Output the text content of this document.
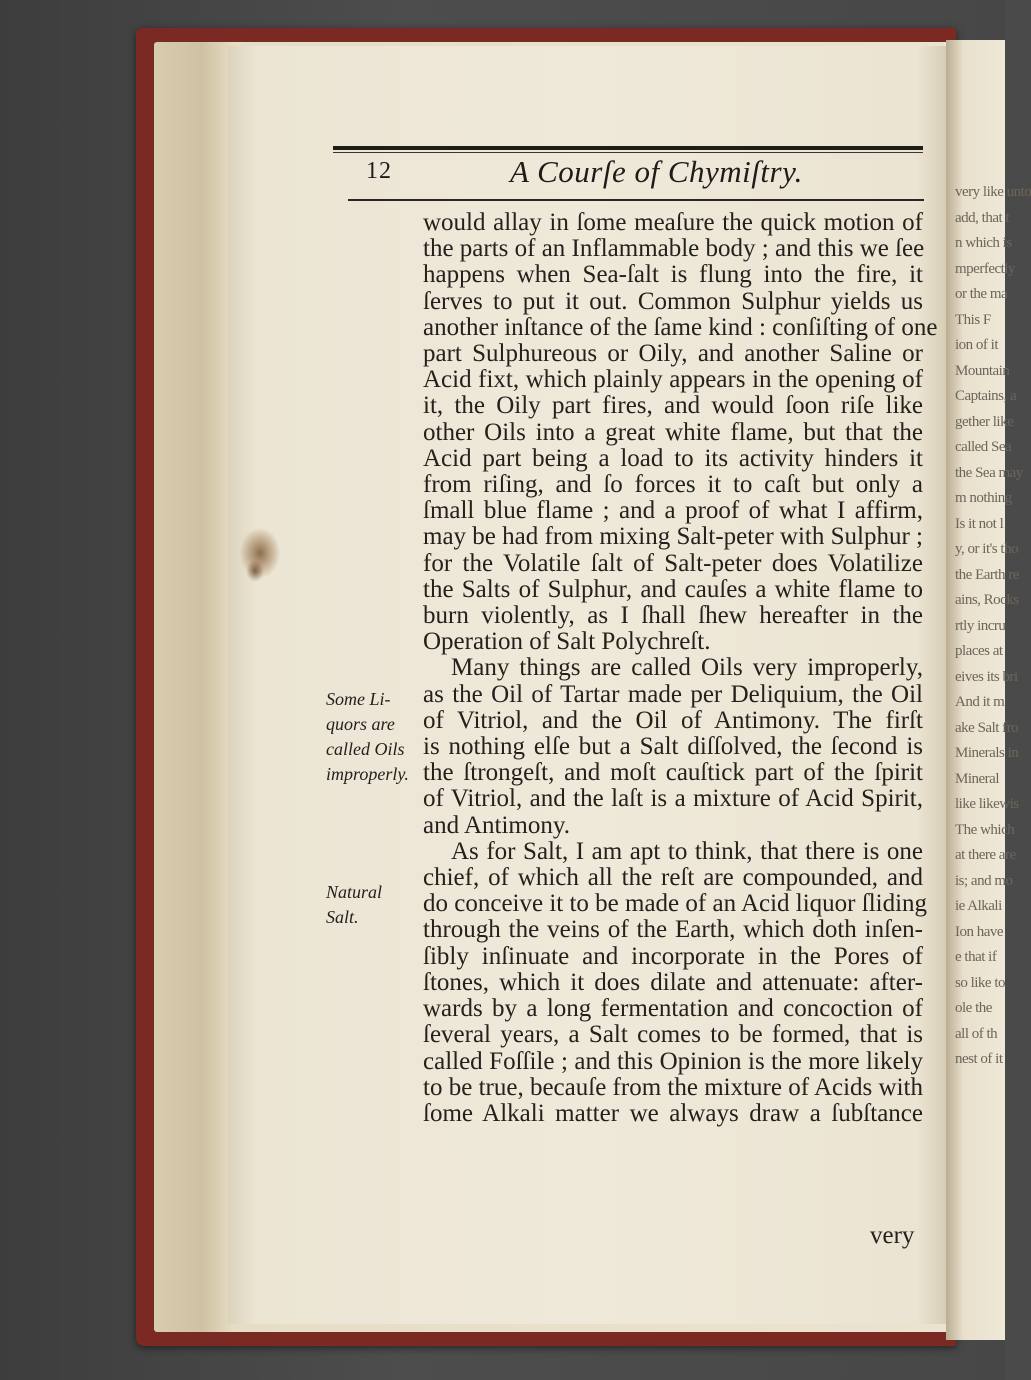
very like unto
add, that t
n which is
mperfectly
or the ma
This F
ion of it
Mountain
Captains, a
gether like
called Sea
the Sea may
m nothing
Is it not l
y, or it's tho
the Earth re
ains, Rocks
rtly incru
places at
eives its bri
And it m
ake Salt fro
Minerals in
Mineral
like likewis
The which
at there are
is; and mo
ie Alkali
Ion have
e that if
so like to
ole the
all of th
nest of it
12	A Courſe of Chymiſtry.
Some Li-
quors are
called Oils
improperly.
Natural
Salt.
would allay in ſome meaſure the quick motion of
the parts of an Inflammable body ; and this we ſee
happens when Sea-ſalt is flung into the fire, it
ſerves to put it out. Common Sulphur yields us
another inſtance of the ſame kind : conſiſting of one
part Sulphureous or Oily, and another Saline or
Acid fixt, which plainly appears in the opening of
it, the Oily part fires, and would ſoon riſe like
other Oils into a great white flame, but that the
Acid part being a load to its activity hinders it
from riſing, and ſo forces it to caſt but only a
ſmall blue flame ; and a proof of what I affirm,
may be had from mixing Salt-peter with Sulphur ;
for the Volatile ſalt of Salt-peter does Volatilize
the Salts of Sulphur, and cauſes a white flame to
burn violently, as I ſhall ſhew hereafter in the
Operation of Salt Polychreſt.
Many things are called Oils very improperly,
as the Oil of Tartar made per Deliquium, the Oil
of Vitriol, and the Oil of Antimony. The firſt
is nothing elſe but a Salt diſſolved, the ſecond is
the ſtrongeſt, and moſt cauſtick part of the ſpirit
of Vitriol, and the laſt is a mixture of Acid Spirit,
and Antimony.
As for Salt, I am apt to think, that there is one
chief, of which all the reſt are compounded, and
do conceive it to be made of an Acid liquor ſliding
through the veins of the Earth, which doth inſen-
ſibly inſinuate and incorporate in the Pores of
ſtones, which it does dilate and attenuate: after-
wards by a long fermentation and concoction of
ſeveral years, a Salt comes to be formed, that is
called Foſſile ; and this Opinion is the more likely
to be true, becauſe from the mixture of Acids with
ſome Alkali matter we always draw a ſubſtance
very
